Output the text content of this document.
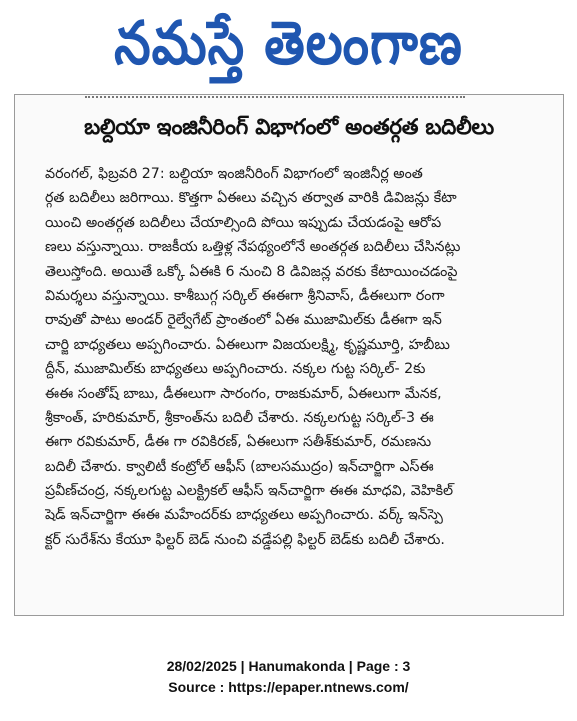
నమస్తే తెలంగాణ
బల్దియా ఇంజినీరింగ్ విభాగంలో అంతర్గత బదిలీలు
వరంగల్, ఫిబ్రవరి 27: బల్దియా ఇంజినీరింగ్ విభాగంలో ఇంజినీర్ల అంత
ర్గత బదిలీలు జరిగాయి. కొత్తగా ఏఈలు వచ్చిన తర్వాత వారికి డివిజన్లు కేటా
యించి అంతర్గత బదిలీలు చేయాల్సింది పోయి ఇప్పుడు చేయడంపై ఆరోప
ణలు వస్తున్నాయి. రాజకీయ ఒత్తిళ్ల నేపథ్యంలోనే అంతర్గత బదిలీలు చేసినట్లు
తెలుస్తోంది. అయితే ఒక్కో ఏఈకి 6 నుంచి 8 డివిజన్ల వరకు కేటాయించడంపై
విమర్శలు వస్తున్నాయి. కాశీబుగ్గ సర్కిల్ ఈఈగా శ్రీనివాస్, డీఈలుగా రంగా
రావుతో పాటు అండర్ రైల్వేగేట్ ప్రాంతంలో ఏఈ ముజామిల్‌కు డీఈగా ఇన్
చార్జి బాధ్యతలు అప్పగించారు. ఏఈలుగా విజయలక్ష్మి, కృష్ణమూర్తి, హబీబు
ద్దీన్, ముజామిల్‌కు బాధ్యతలు అప్పగించారు. నక్కల గుట్ట సర్కిల్- 2కు
ఈఈ సంతోష్ బాబు, డీఈలుగా సారంగం, రాజకుమార్, ఏఈలుగా మేనక,
శ్రీకాంత్, హరికుమార్, శ్రీకాంత్‌ను బదిలీ చేశారు. నక్కలగుట్ట సర్కిల్-3 ఈ
ఈగా రవికుమార్, డీఈ గా రవికిరణ్, ఏఈలుగా సతీశ్‌కుమార్, రమణను
బదిలీ చేశారు. క్వాలిటీ కంట్రోల్ ఆఫీస్ (బాలసముద్రం) ఇన్‌చార్జిగా ఎస్‌ఈ
ప్రవీణ్‌చంద్ర, నక్కలగుట్ట ఎలక్ట్రికల్ ఆఫీస్ ఇన్‌చార్జిగా ఈఈ మాధవి, వెహికిల్
షెడ్ ఇన్‌చార్జిగా ఈఈ మహేందర్‌కు బాధ్యతలు అప్పగించారు. వర్క్ ఇన్‌స్పె
క్టర్ సురేశ్‌ను కేయూ ఫిల్టర్ బెడ్ నుంచి వడ్డేపల్లి ఫిల్టర్ బెడ్‌కు బదిలీ చేశారు.
28/02/2025 | Hanumakonda | Page : 3
Source : https://epaper.ntnews.com/
